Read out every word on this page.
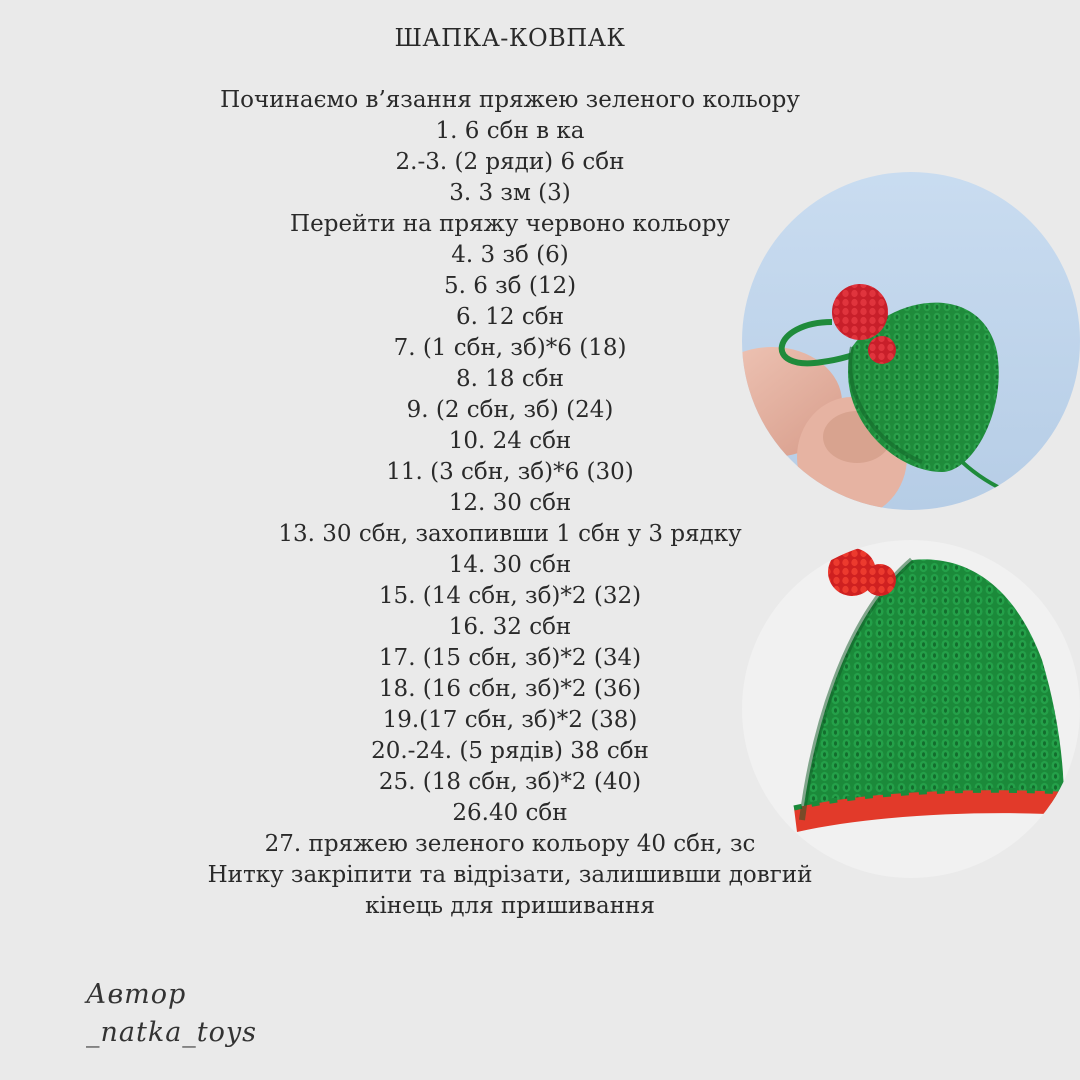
ШАПКА-КОВПАК
Починаємо в’язання пряжею зеленого кольору
1. 6 сбн в ка
2.-3. (2 ряди) 6 сбн
3. 3 зм (3)
Перейти на пряжу червоно кольору
4. 3 зб (6)
5. 6 зб (12)
6. 12 сбн
7. (1 сбн, зб)*6 (18)
8. 18 сбн
9. (2 сбн, зб) (24)
10. 24 сбн
11. (3 сбн, зб)*6 (30)
12. 30 сбн
13. 30 сбн, захопивши 1 сбн у 3 рядку
14. 30 сбн
15. (14 сбн, зб)*2 (32)
16. 32 сбн
17. (15 сбн, зб)*2 (34)
18. (16 сбн, зб)*2 (36)
19.(17 сбн, зб)*2 (38)
20.-24. (5 рядів) 38 сбн
25. (18 сбн, зб)*2 (40)
26.40 сбн
27. пряжею зеленого кольору 40 сбн, зс
Нитку закріпити та відрізати, залишивши довгий
кінець для пришивання
Автор
_natka_toys
